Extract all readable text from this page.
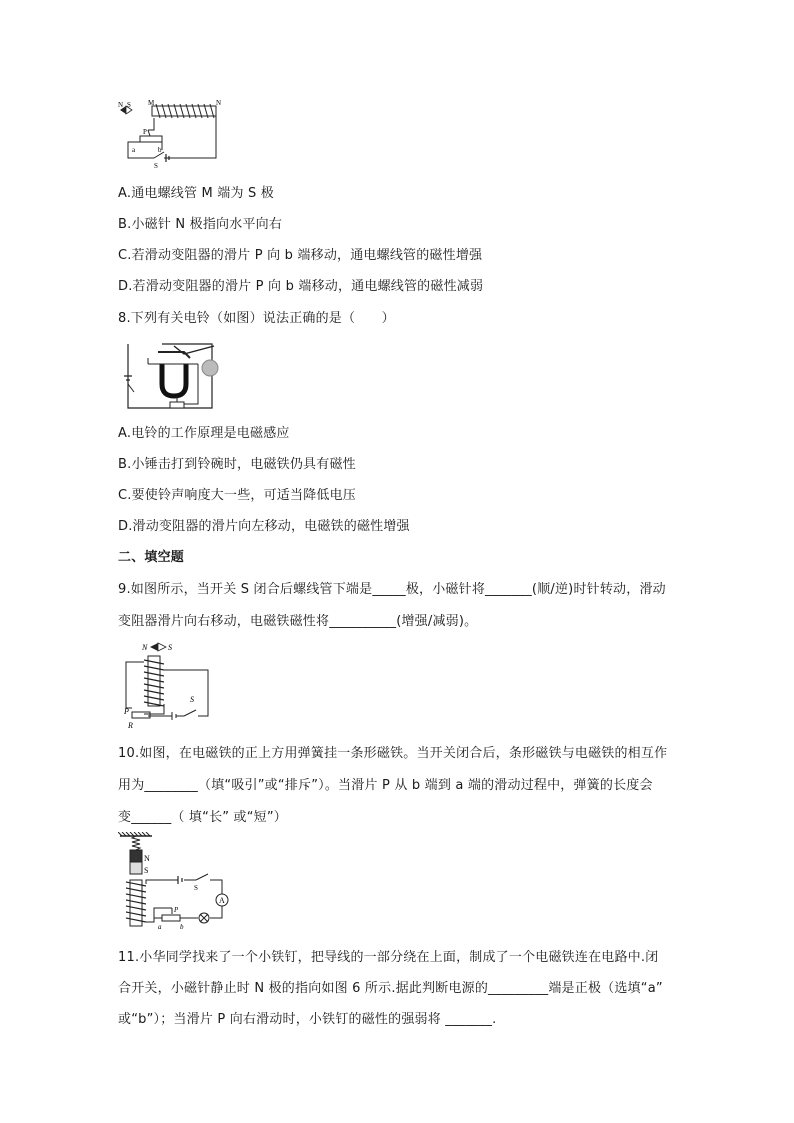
N S M	N
P
a	b
S
A.通电螺线管 M 端为 S 极
B.小磁针 N 极指向水平向右
C.若滑动变阻器的滑片 P 向 b 端移动，通电螺线管的磁性增强
D.若滑动变阻器的滑片 P 向 b 端移动，通电螺线管的磁性减弱
8.下列有关电铃（如图）说法正确的是（　　）
A.电铃的工作原理是电磁感应
B.小锤击打到铃碗时，电磁铁仍具有磁性
C.要使铃声响度大一些，可适当降低电压
D.滑动变阻器的滑片向左移动，电磁铁的磁性增强
二、填空题
9.如图所示，当开关 S 闭合后螺线管下端是_____极，小磁针将_______(顺/逆)时针转动，滑动
变阻器滑片向右移动，电磁铁磁性将__________(增强/减弱)。
N	S
S
P
R
10.如图，在电磁铁的正上方用弹簧挂一条形磁铁。当开关闭合后，条形磁铁与电磁铁的相互作
用为________（填“吸引”或“排斥”）。当滑片 P 从 b 端到 a 端的滑动过程中，弹簧的长度会
变______（ 填“长” 或“短”）
N
S
S
A
P
a	b
11.小华同学找来了一个小铁钉，把导线的一部分绕在上面，制成了一个电磁铁连在电路中.闭
合开关，小磁针静止时 N 极的指向如图 6 所示.据此判断电源的_________端是正极（选填“a”
或“b”）；当滑片 P 向右滑动时，小铁钉的磁性的强弱将 _______.
